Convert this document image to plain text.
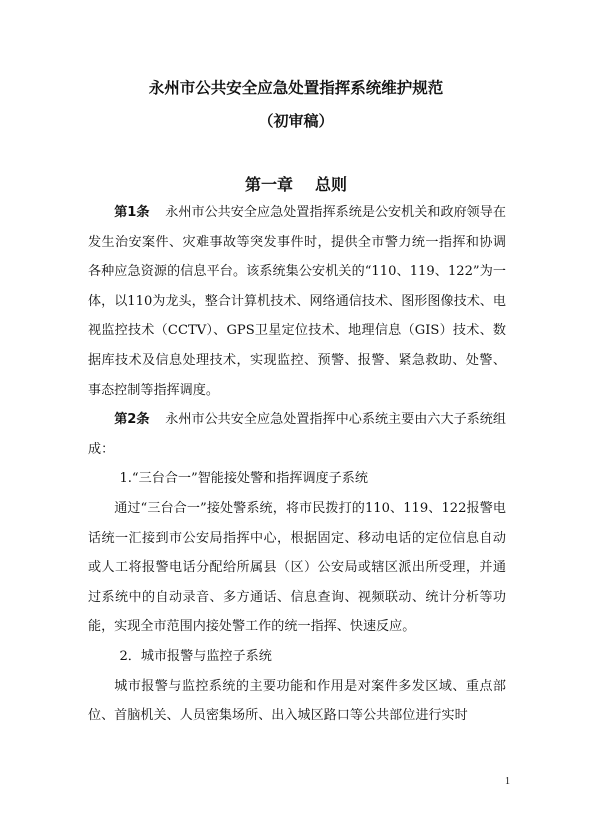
永州市公共安全应急处置指挥系统维护规范
（初审稿）
第一章 总则

第1条 永州市公共安全应急处置指挥系统是公安机关和政府领导在发生治安案件、灾难事故等突发事件时，提供全市警力统一指挥和协调各种应急资源的信息平台。该系统集公安机关的“110、119、122”为一体，以110为龙头，整合计算机技术、网络通信技术、图形图像技术、电视监控技术（CCTV）、GPS卫星定位技术、地理信息（GIS）技术、数据库技术及信息处理技术，实现监控、预警、报警、紧急救助、处警、事态控制等指挥调度。

第2条 永州市公共安全应急处置指挥中心系统主要由六大子系统组成：

1.“三台合一”智能接处警和指挥调度子系统

通过“三台合一”接处警系统，将市民拨打的110、119、122报警电话统一汇接到市公安局指挥中心，根据固定、移动电话的定位信息自动或人工将报警电话分配给所属县（区）公安局或辖区派出所受理，并通过系统中的自动录音、多方通话、信息查询、视频联动、统计分析等功能，实现全市范围内接处警工作的统一指挥、快速反应。

2．城市报警与监控子系统

城市报警与监控系统的主要功能和作用是对案件多发区域、重点部位、首脑机关、人员密集场所、出入城区路口等公共部位进行实时

1
